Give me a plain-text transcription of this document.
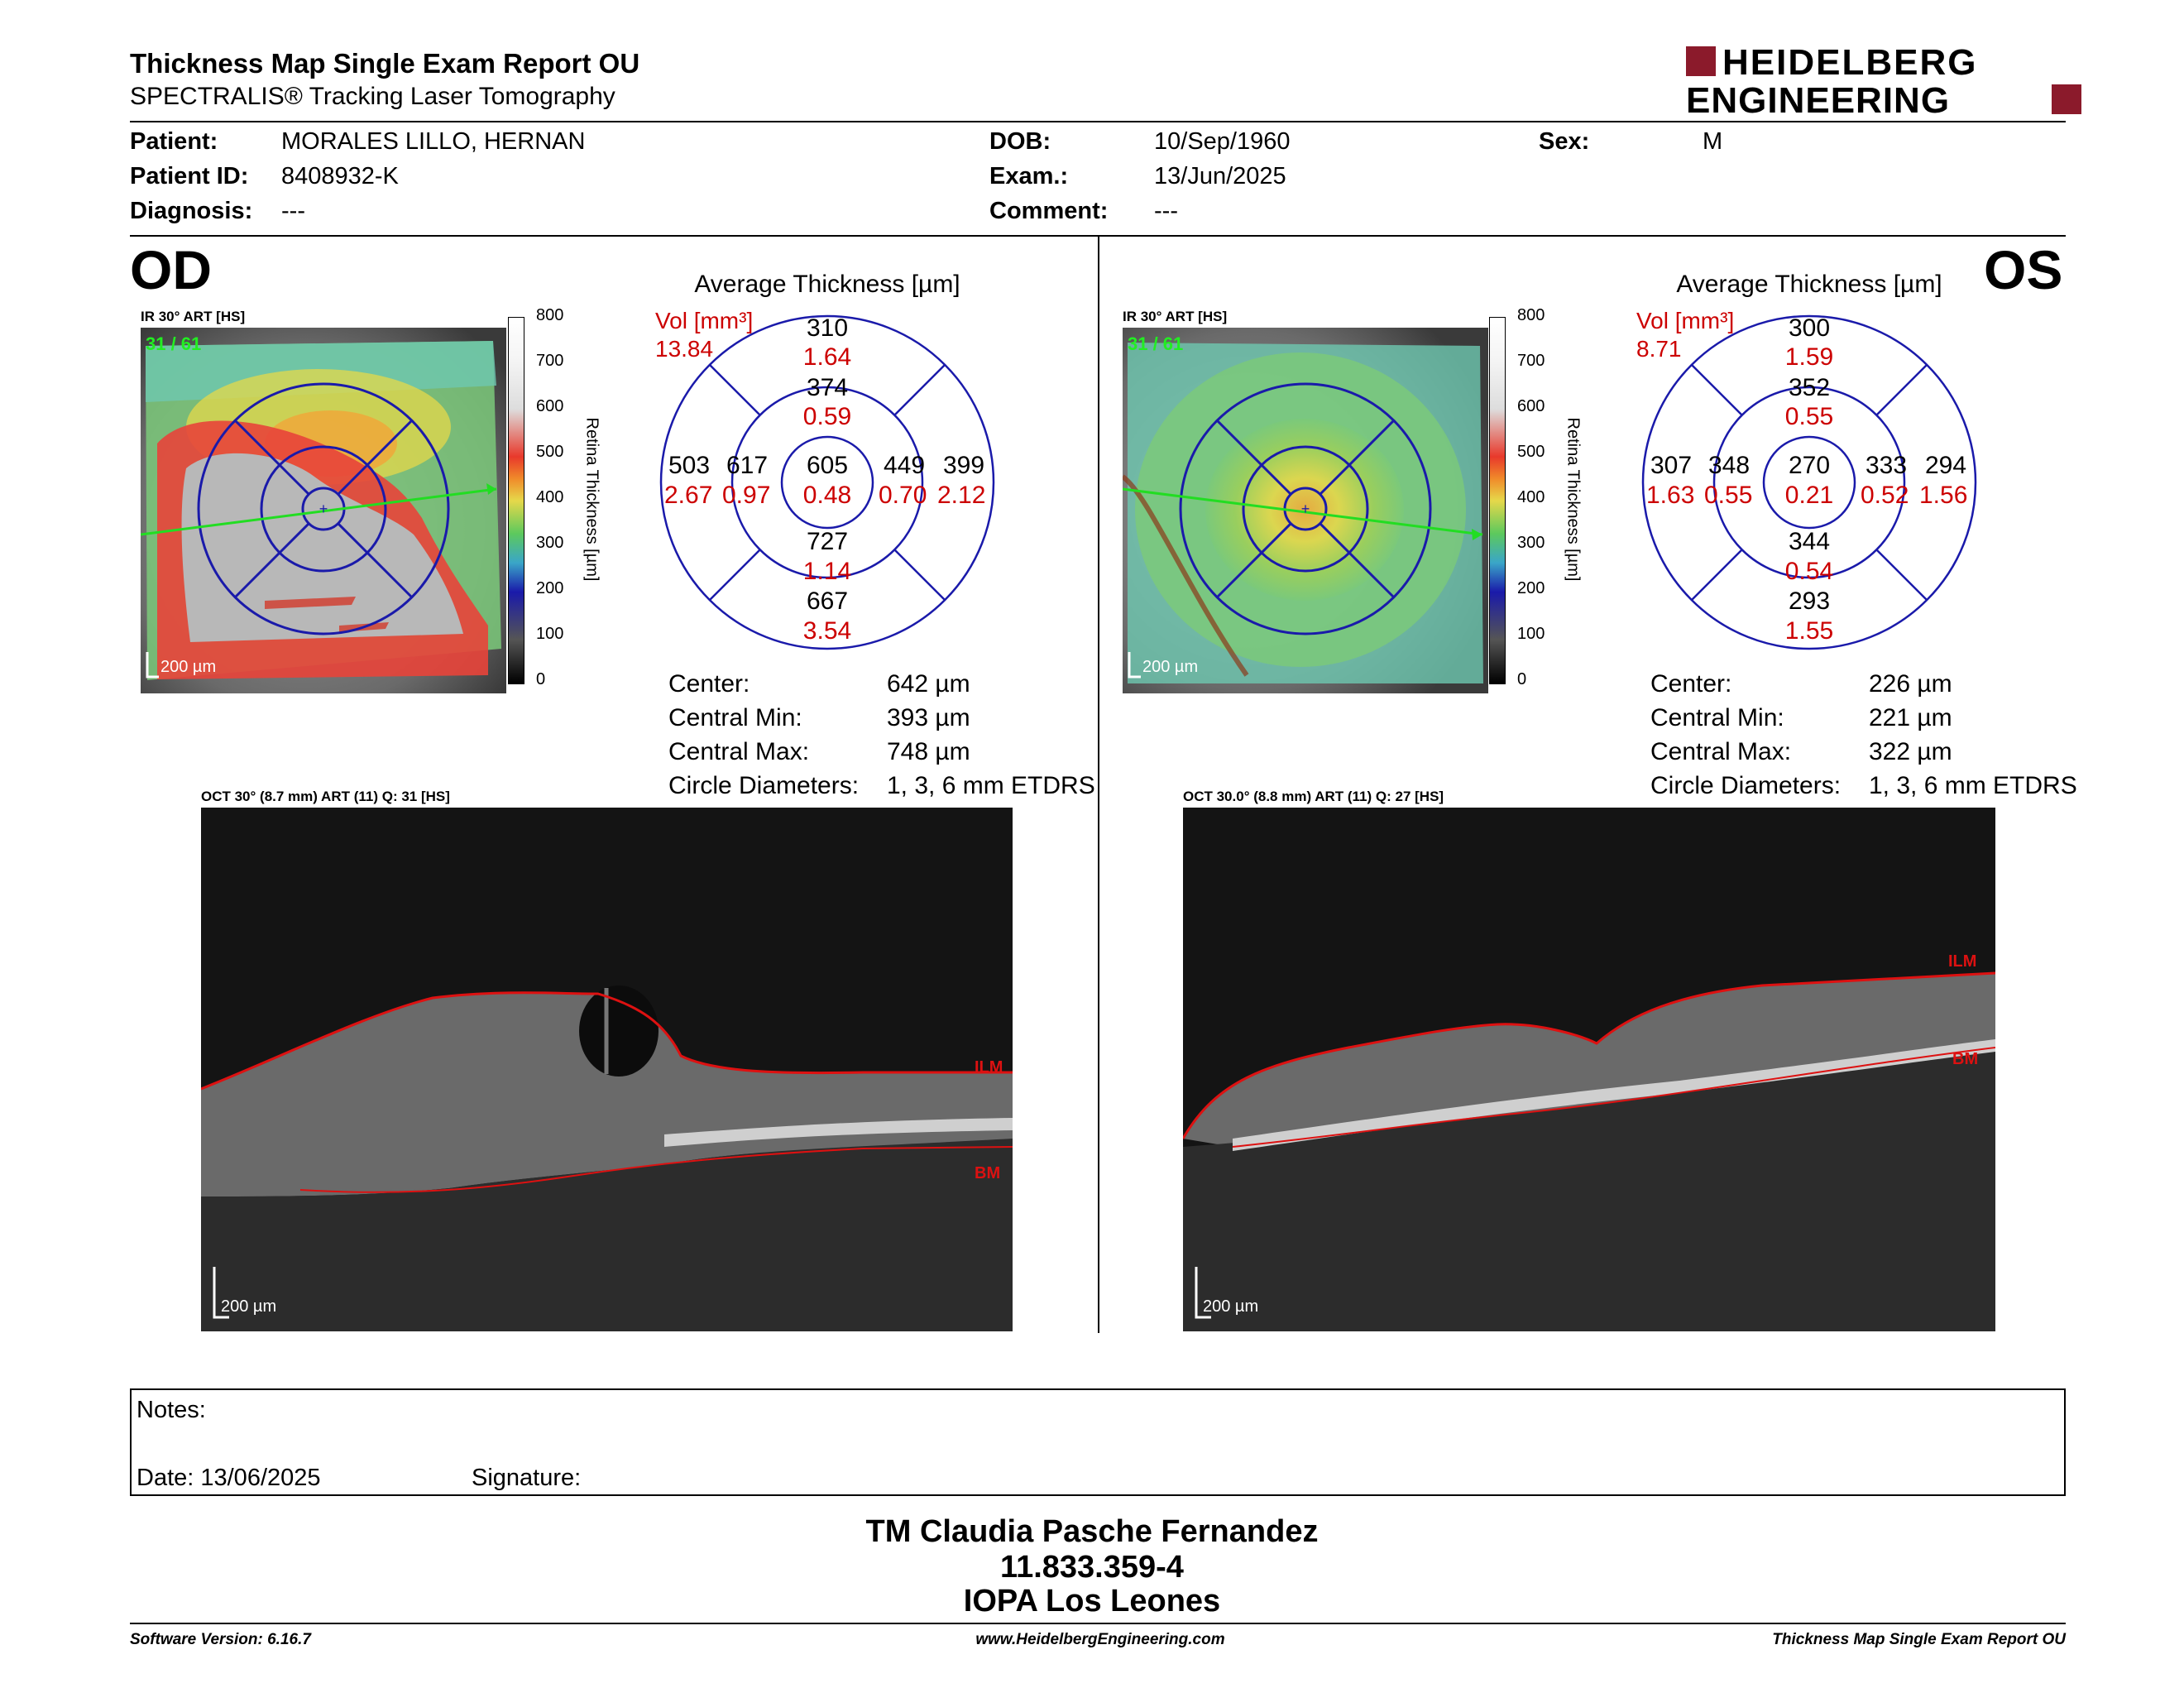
Thickness Map Single Exam Report OU
SPECTRALIS® Tracking Laser Tomography
HEIDELBERG
ENGINEERING
Patient:	MORALES LILLO, HERNAN
Patient ID: 8408932-K
Diagnosis: ---
DOB:	10/Sep/1960
Exam.:	13/Jun/2025
Comment: ---
Sex:	M
OD	OS
IR 30° ART [HS]
+
31 / 61
200 µm
800
700
600
500
400
300
200
100
0
Retina Thickness [µm]
Average Thickness [µm]
Vol [mm³]
13.84
310
1.64
374
0.59
503
2.67
617
0.97
605
0.48
449
0.70
399
2.12
727
1.14
667
3.54
Center:	642 µm
Central Min:	393 µm
Central Max:	748 µm
Circle Diameters: 1, 3, 6 mm ETDRS
OCT 30° (8.7 mm) ART (11) Q: 31 [HS]
ILM
BM
200 µm
IR 30° ART [HS]
+
31 / 61
200 µm
800
700
600
500
400
300
200
100
0
Retina Thickness [µm]
Average Thickness [µm]
Vol [mm³]
8.71
300
1.59
352
0.55
307
1.63
348
0.55
270
0.21
333
0.52
294
1.56
344
0.54
293
1.55
Center:	226 µm
Central Min:	221 µm
Central Max:	322 µm
Circle Diameters: 1, 3, 6 mm ETDRS
OCT 30.0° (8.8 mm) ART (11) Q: 27 [HS]
ILM
BM
200 µm
Notes:
Date: 13/06/2025	Signature:
TM Claudia Pasche Fernandez
11.833.359-4
IOPA Los Leones
Software Version: 6.16.7	www.HeidelbergEngineering.com	Thickness Map Single Exam Report OU
